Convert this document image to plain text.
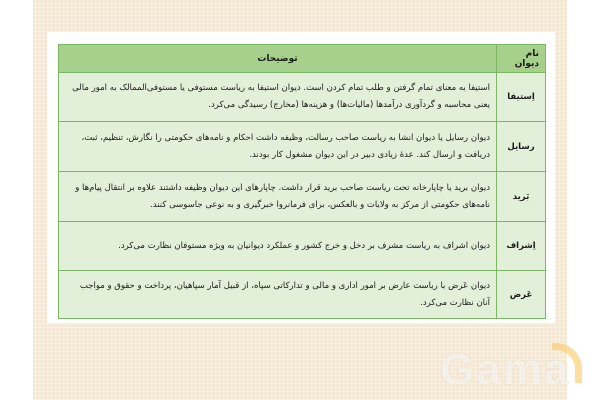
نام دیوان	توضیحات
اِستیفا	استیفا به معنای تمام گرفتن و طلب تمام کردن است. دیوان استیفا به ریاست مستوفی یا مستوفی‌الممالک به امور مالی یعنی محاسبه و گردآوری درآمدها (مالیات‌ها) و هزینه‌ها (مخارج) رسیدگی می‌کرد.
رسایل	دیوان رسایل یا دیوان انشا به ریاست صاحب رسالت، وظیفه داشت احکام و نامه‌های حکومتی را نگارش، تنظیم، ثبت، دریافت و ارسال کند. عدهٔ زیادی دبیر در این دیوان مشغول کار بودند.
بَرید	دیوان برید یا چاپارخانه تحت ریاست صاحب برید قرار داشت. چاپارهای این دیوان وظیفه داشتند علاوه بر انتقال پیام‌ها و نامه‌های حکومتی از مرکز به ولایات و بالعکس، برای فرمانروا خبرگیری و به نوعی جاسوسی کنند.
اِشراف	دیوان اشراف به ریاست مشرف بر دخل و خرج کشور و عملکرد دیوانیان به ویژه مستوفان نظارت می‌کرد.
عَرض	دیوان عَرض با ریاست عارض بر امور اداری و مالی و تدارکاتی سپاه، از قبیل آمار سپاهیان، پرداخت و حقوق و مواجب آنان نظارت می‌کرد.
Gama
